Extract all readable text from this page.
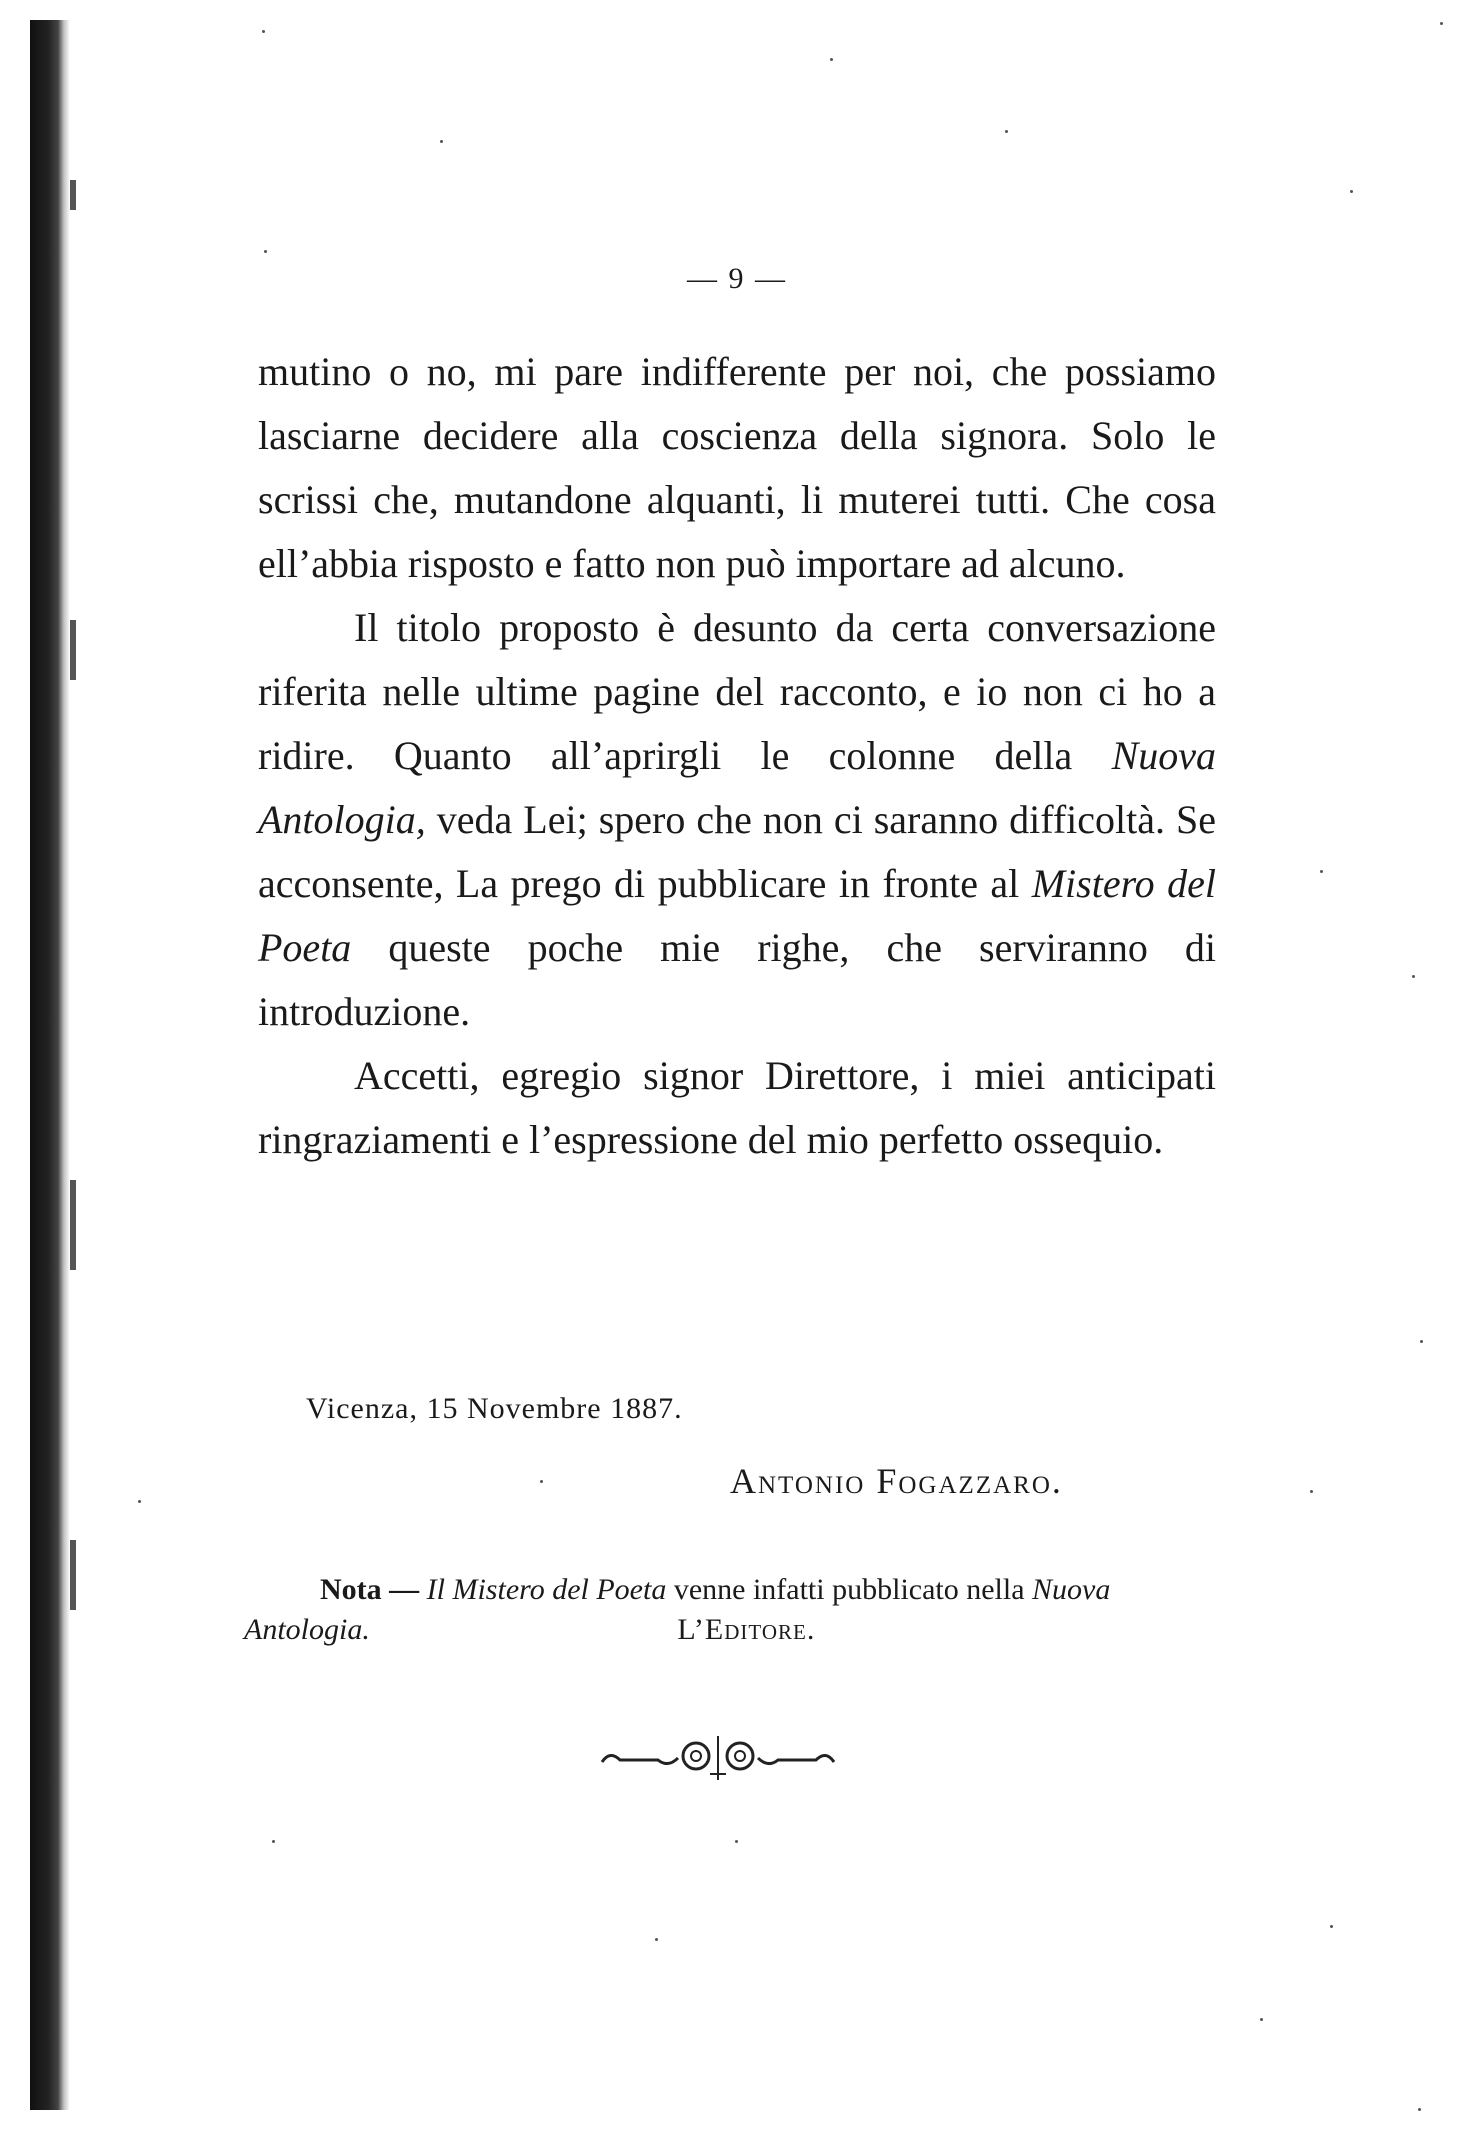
— 9 —

mutino o no, mi pare indifferente per noi, che possiamo lasciarne decidere alla coscienza della signora. Solo le scrissi che, mutandone alquanti, li muterei tutti. Che cosa ell’abbia risposto e fatto non può importare ad alcuno.

Il titolo proposto è desunto da certa conversazione riferita nelle ultime pagine del racconto, e io non ci ho a ridire. Quanto all’aprirgli le colonne della Nuova Antologia, veda Lei; spero che non ci saranno difficoltà. Se acconsente, La prego di pubblicare in fronte al Mistero del Poeta queste poche mie righe, che serviranno di introduzione.

Accetti, egregio signor Direttore, i miei anticipati ringraziamenti e l’espressione del mio perfetto ossequio.

Vicenza, 15 Novembre 1887.
Antonio Fogazzaro.
Nota — Il Mistero del Poeta venne infatti pubblicato nella Nuova Antologia.	L’Editore.
